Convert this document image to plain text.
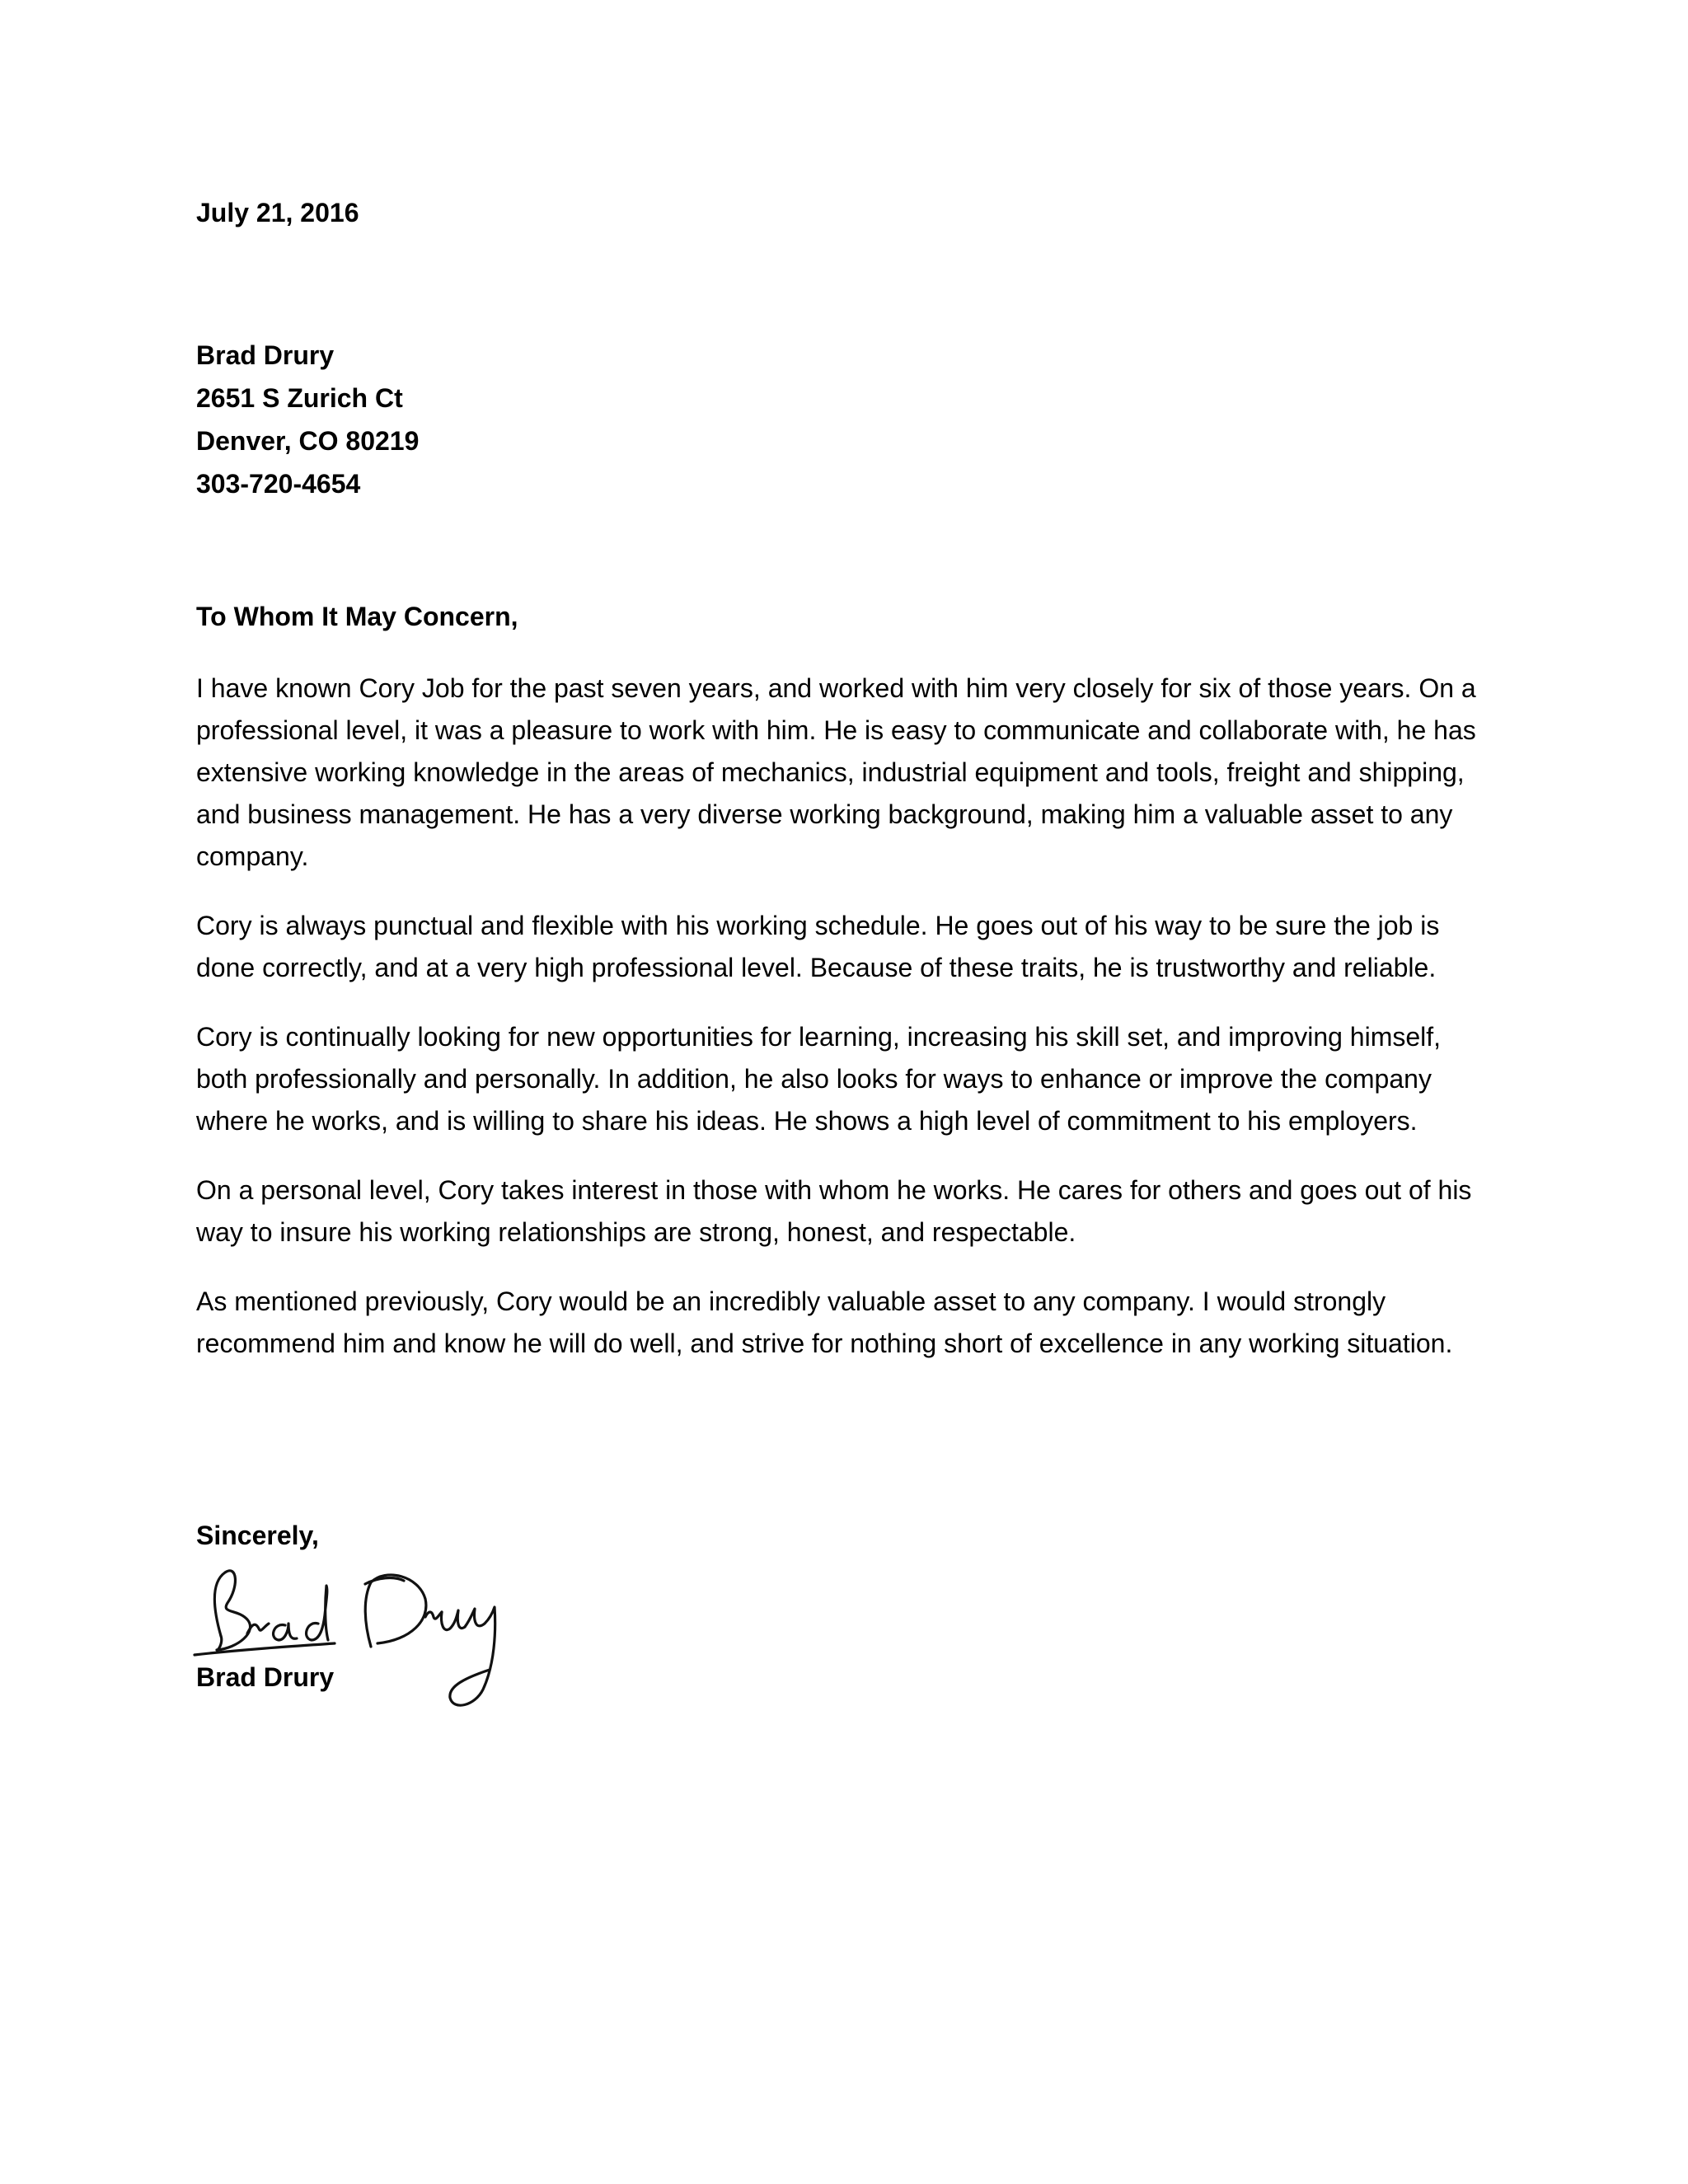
July 21, 2016
Brad Drury
2651 S Zurich Ct
Denver, CO 80219
303-720-4654
To Whom It May Concern,

I have known Cory Job for the past seven years, and worked with him very closely for six of those years. On a professional level, it was a pleasure to work with him. He is easy to communicate and collaborate with, he has extensive working knowledge in the areas of mechanics, industrial equipment and tools, freight and shipping, and business management. He has a very diverse working background, making him a valuable asset to any company.

Cory is always punctual and flexible with his working schedule. He goes out of his way to be sure the job is done correctly, and at a very high professional level. Because of these traits, he is trustworthy and reliable.

Cory is continually looking for new opportunities for learning, increasing his skill set, and improving himself, both professionally and personally. In addition, he also looks for ways to enhance or improve the company where he works, and is willing to share his ideas. He shows a high level of commitment to his employers.

On a personal level, Cory takes interest in those with whom he works. He cares for others and goes out of his way to insure his working relationships are strong, honest, and respectable.

As mentioned previously, Cory would be an incredibly valuable asset to any company. I would strongly recommend him and know he will do well, and strive for nothing short of excellence in any working situation.

Sincerely,
Brad Drury
